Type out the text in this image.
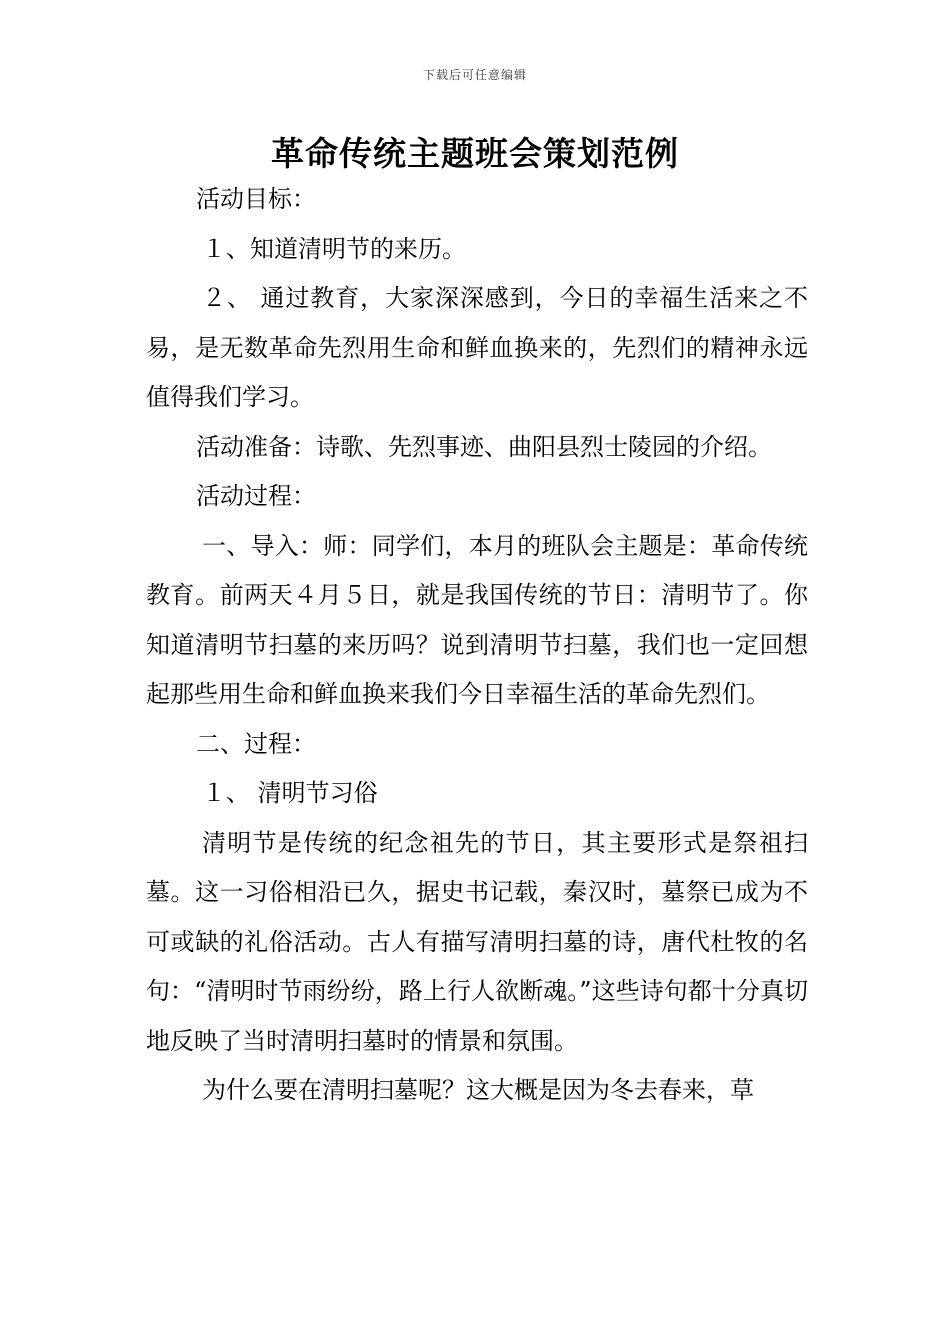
下载后可任意编辑
革命传统主题班会策划范例

活动目标：

１、知道清明节的来历。

２、 通过教育，大家深深感到，今日的幸福生活来之不易，是无数革命先烈用生命和鲜血换来的，先烈们的精神永远值得我们学习。

活动准备：诗歌、先烈事迹、曲阳县烈士陵园的介绍。

活动过程：

一、导入：师：同学们，本月的班队会主题是：革命传统教育。前两天４月５日，就是我国传统的节日：清明节了。你知道清明节扫墓的来历吗？说到清明节扫墓，我们也一定回想起那些用生命和鲜血换来我们今日幸福生活的革命先烈们。

二、过程：

１、 清明节习俗

清明节是传统的纪念祖先的节日，其主要形式是祭祖扫墓。这一习俗相沿已久，据史书记载，秦汉时，墓祭已成为不可或缺的礼俗活动。古人有描写清明扫墓的诗，唐代杜牧的名句：“清明时节雨纷纷，路上行人欲断魂。”这些诗句都十分真切地反映了当时清明扫墓时的情景和氛围。

为什么要在清明扫墓呢？这大概是因为冬去春来，草
